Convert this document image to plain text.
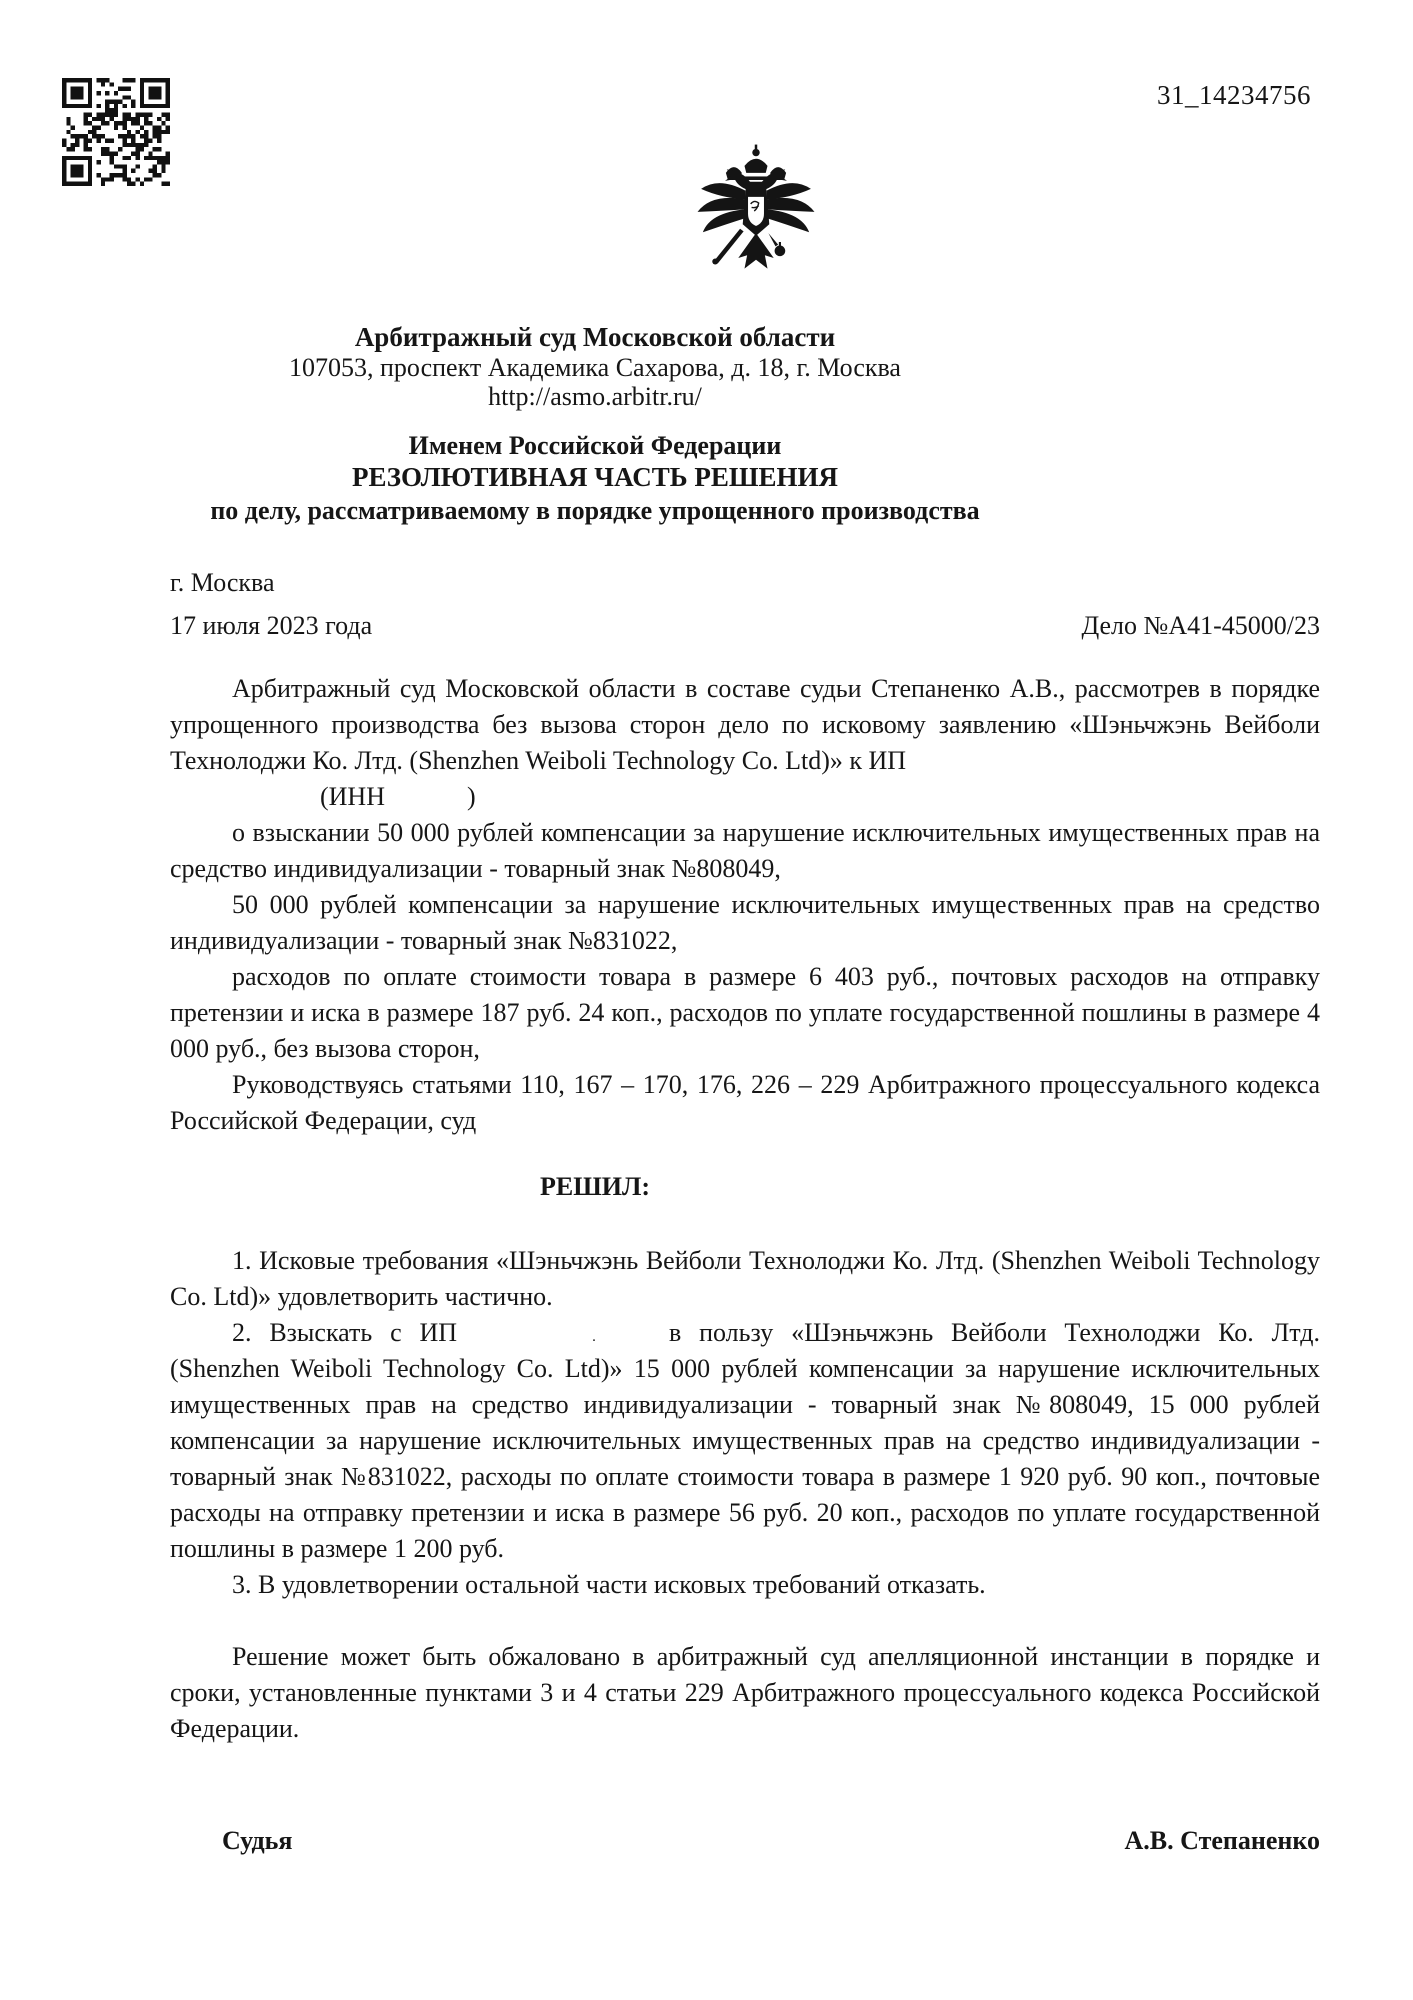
31_14234756
Арбитражный суд Московской области
107053, проспект Академика Сахарова, д. 18, г. Москва
http://asmo.arbitr.ru/
Именем Российской Федерации
РЕЗОЛЮТИВНАЯ ЧАСТЬ РЕШЕНИЯ
по делу, рассматриваемому в порядке упрощенного производства
г. Москва
17 июля 2023 года	Дело №А41-45000/23

Арбитражный суд Московской области в составе судьи Степаненко А.В., рассмотрев в порядке упрощенного производства без вызова сторон дело по исковому заявлению «Шэньчжэнь Вейболи Технолоджи Ко. Лтд. (Shenzhen Weiboli Technology Co. Ltd)» к ИП

(ИНН	)

о взыскании 50 000 рублей компенсации за нарушение исключительных имущественных прав на средство индивидуализации - товарный знак №808049,

50 000 рублей компенсации за нарушение исключительных имущественных прав на средство индивидуализации - товарный знак №831022,

расходов по оплате стоимости товара в размере 6 403 руб., почтовых расходов на отправку претензии и иска в размере 187 руб. 24 коп., расходов по уплате государственной пошлины в размере 4 000 руб., без вызова сторон,

Руководствуясь статьями 110, 167 – 170, 176, 226 – 229 Арбитражного процессуального кодекса Российской Федерации, суд

РЕШИЛ:

1. Исковые требования «Шэньчжэнь Вейболи Технолоджи Ко. Лтд. (Shenzhen Weiboli Technology Co. Ltd)» удовлетворить частично.

2. Взыскать с ИП	.	в пользу «Шэньчжэнь Вейболи Технолоджи Ко. Лтд. (Shenzhen Weiboli Technology Co. Ltd)» 15 000 рублей компенсации за нарушение исключительных имущественных прав на средство индивидуализации - товарный знак №808049, 15 000 рублей компенсации за нарушение исключительных имущественных прав на средство индивидуализации - товарный знак №831022, расходы по оплате стоимости товара в размере 1 920 руб. 90 коп., почтовые расходы на отправку претензии и иска в размере 56 руб. 20 коп., расходов по уплате государственной пошлины в размере 1 200 руб.

3. В удовлетворении остальной части исковых требований отказать.

Решение может быть обжаловано в арбитражный суд апелляционной инстанции в порядке и сроки, установленные пунктами 3 и 4 статьи 229 Арбитражного процессуального кодекса Российской Федерации.

Судья	А.В. Степаненко
